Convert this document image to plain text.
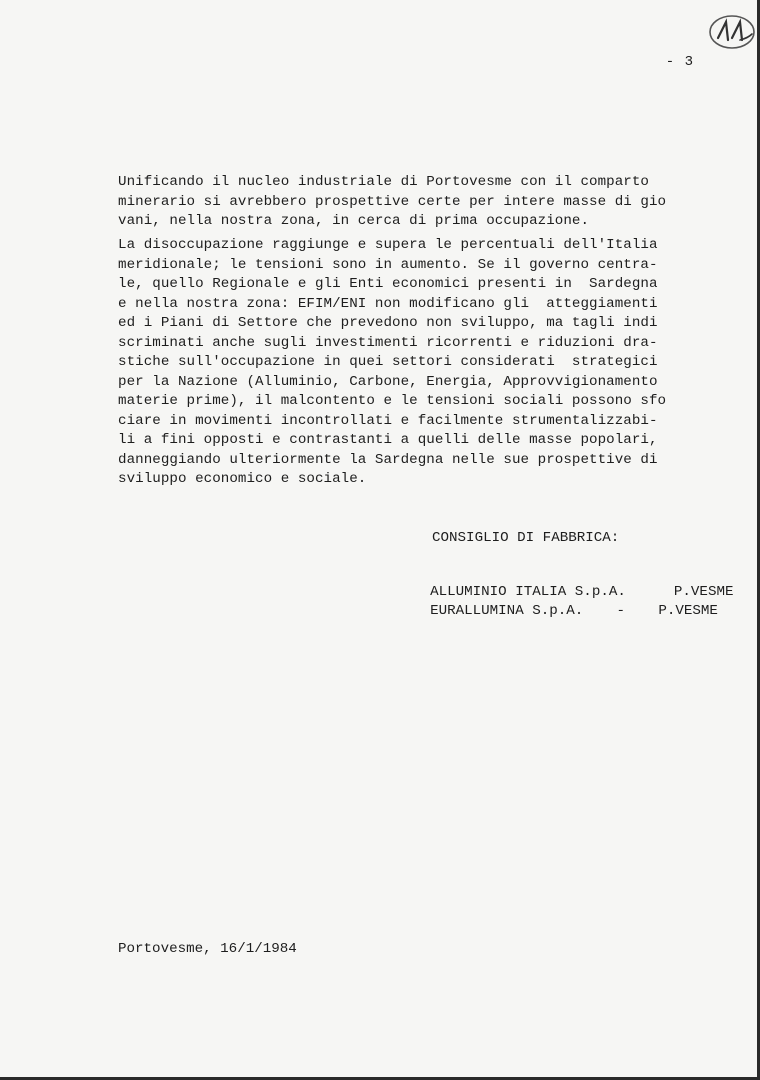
- 3

Unificando il nucleo industriale di Portovesme con il comparto
minerario si avrebbero prospettive certe per intere masse di gio
vani, nella nostra zona, in cerca di prima occupazione.

La disoccupazione raggiunge e supera le percentuali dell'Italia
meridionale; le tensioni sono in aumento. Se il governo centra-
le, quello Regionale e gli Enti economici presenti in  Sardegna
e nella nostra zona: EFIM/ENI non modificano gli  atteggiamenti
ed i Piani di Settore che prevedono non sviluppo, ma tagli indi
scriminati anche sugli investimenti ricorrenti e riduzioni dra-
stiche sull'occupazione in quei settori considerati  strategici
per la Nazione (Alluminio, Carbone, Energia, Approvvigionamento
materie prime), il malcontento e le tensioni sociali possono sfo
ciare in movimenti incontrollati e facilmente strumentalizzabi-
li a fini opposti e contrastanti a quelli delle masse popolari,
danneggiando ulteriormente la Sardegna nelle sue prospettive di
sviluppo economico e sociale.

CONSIGLIO DI FABBRICA:

ALLUMINIO ITALIA S.p.A.	P.VESME

EURALLUMINA S.p.A. - P.VESME

Portovesme, 16/1/1984
